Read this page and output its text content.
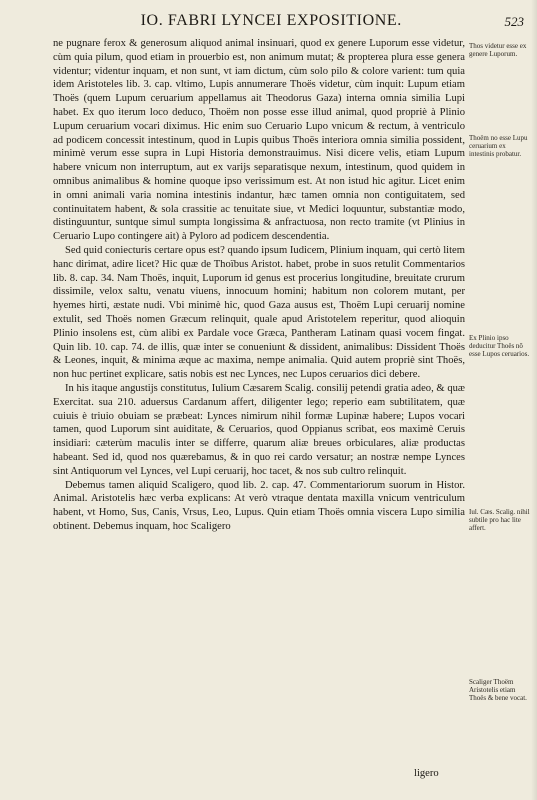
IO. FABRI LYNCEI EXPOSITIONE.	523

ne pugnare ferox & generosum aliquod animal insinuari, quod ex genere Luporum esse videtur, cùm quia pilum, quod etiam in prouerbio est, non animum mutat; & propterea plura esse genera videntur; videntur inquam, et non sunt, vt iam dictum, cùm solo pilo & colore varient: tum quia idem Aristoteles lib. 3. cap. vltimo, Lupis annumerare Thoës videtur, cùm inquit: Lupum etiam Thoës (quem Lupum ceruarium appellamus ait Theodorus Gaza) interna omnia similia Lupi habet. Ex quo iterum loco deduco, Thoëm non posse esse illud animal, quod propriè à Plinio Lupum ceruarium vocari diximus. Hic enim suo Ceruario Lupo vnicum & rectum, à ventriculo ad podicem concessit intestinum, quod in Lupis quibus Thoës interiora omnia similia possident, minimè verum esse supra in Lupi Historia demonstrauimus. Nisi dicere velis, etiam Lupum habere vnicum non interruptum, aut ex varijs separatisque nexum, intestinum, quod quidem in omnibus animalibus & homine quoque ipso verissimum est. At non istud hic agitur. Licet enim in omni animali varia nomina intestinis indantur, hæc tamen omnia non contiguitatem, sed continuitatem habent, & sola crassitie ac tenuitate siue, vt Medici loquuntur, substantiæ modo, distinguuntur, suntque simul sumpta longissima & anfractuosa, non recto tramite (vt Plinius in Ceruario Lupo contingere ait) à Pyloro ad podicem descendentia.

Sed quid coniecturis certare opus est? quando ipsum Iudicem, Plinium inquam, qui certò litem hanc dirimat, adire licet? Hic quæ de Thoïbus Aristot. habet, probe in suos retulit Commentarios lib. 8. cap. 34. Nam Thoës, inquit, Luporum id genus est procerius longitudine, breuitate crurum dissimile, velox saltu, venatu viuens, innocuum homini; habitum non colorem mutant, per hyemes hirti, æstate nudi. Vbi minimè hic, quod Gaza ausus est, Thoëm Lupi ceruarij nomine extulit, sed Thoës nomen Græcum relinquit, quale apud Aristotelem reperitur, quod alioquin Plinio insolens est, cùm alibi ex Pardale voce Græca, Pantheram Latinam quasi vocem fingat. Quin lib. 10. cap. 74. de illis, quæ inter se conueniunt & dissident, animalibus: Dissident Thoës & Leones, inquit, & minima æque ac maxima, nempe animalia. Quid autem propriè sint Thoës, non huc pertinet explicare, satis nobis est nec Lynces, nec Lupos ceruarios dici debere.

In his itaque angustijs constitutus, Iulium Cæsarem Scalig. consilij petendi gratia adeo, & quæ Exercitat. sua 210. aduersus Cardanum affert, diligenter lego; reperio eam subtilitatem, quæ cuiuis è triuio obuiam se præbeat: Lynces nimirum nihil formæ Lupinæ habere; Lupos vocari tamen, quod Luporum sint auiditate, & Ceruarios, quod Oppianus scribat, eos maximè Ceruis insidiari: cæterùm maculis inter se differre, quarum aliæ breues orbiculares, aliæ productas habeant. Sed id, quod nos quærebamus, & in quo rei cardo versatur; an nostræ nempe Lynces sint Antiquorum vel Lynces, vel Lupi ceruarij, hoc tacet, & nos sub cultro relinquit.

Debemus tamen aliquid Scaligero, quod lib. 2. cap. 47. Commentariorum suorum in Histor. Animal. Aristotelis hæc verba explicans: At verò vtraque dentata maxilla vnicum ventriculum habent, vt Homo, Sus, Canis, Vrsus, Leo, Lupus. Quin etiam Thoës omnia viscera Lupo similia obtinent. Debemus inquam, hoc Scaligero

ligero
Thos videtur esse ex genere Luporum.
Thoëm no esse Lupu ceruarium ex intestinis probatur.
Ex Plinio ipso deducitur Thoës nō esse Lupos ceruarios.
Iul. Cæs. Scalig. nihil subtile pro hac lite affert.
Scaliger Thoëm Aristotelis etiam Thoës & bene vocat.
